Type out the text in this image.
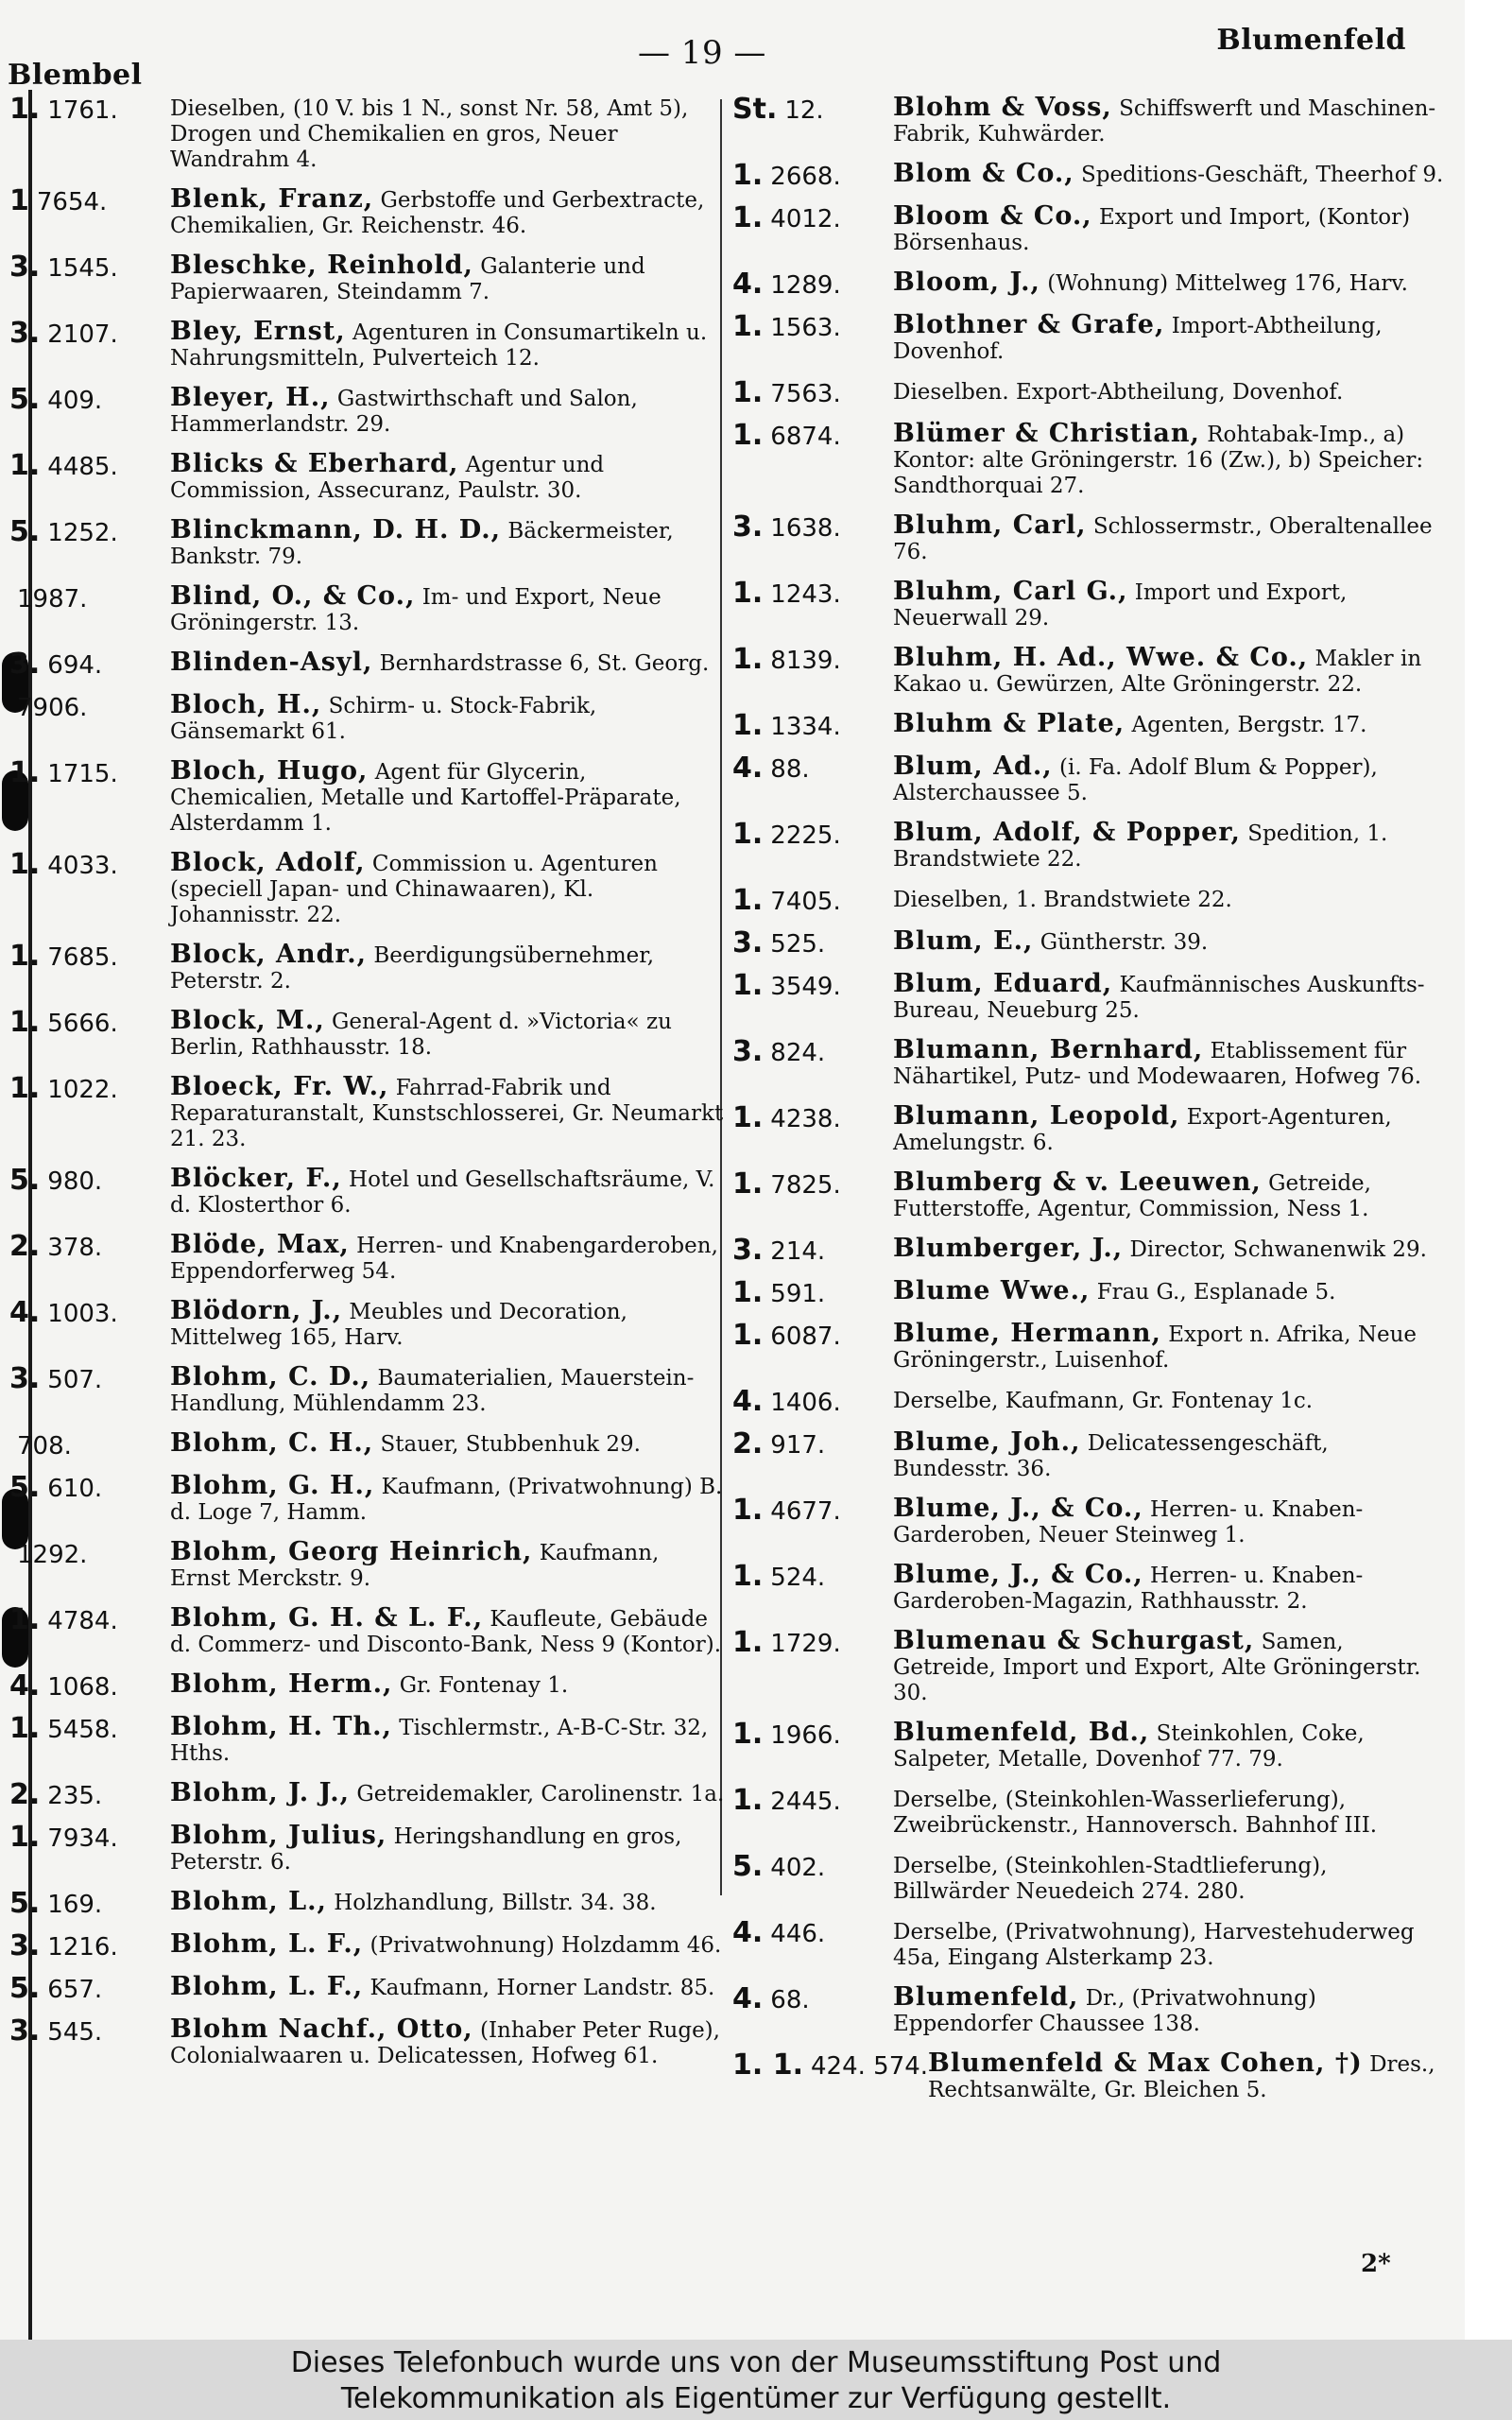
Blembel
— 19 —	Blumenfeld
1. 1761.	Dieselben, (10 V. bis 1 N., sonst Nr. 58, Amt 5), Drogen und Chemikalien en gros, Neuer Wandrahm 4.
1 7654.	Blenk, Franz, Gerbstoffe und Gerbextracte, Chemikalien, Gr. Reichenstr. 46.
3. 1545.	Bleschke, Reinhold, Galanterie und Papierwaaren, Steindamm 7.
3. 2107.	Bley, Ernst, Agenturen in Consumartikeln u. Nahrungsmitteln, Pulverteich 12.
5. 409.	Bleyer, H., Gastwirthschaft und Salon, Hammerlandstr. 29.
1. 4485.	Blicks & Eberhard, Agentur und Commission, Assecuranz, Paulstr. 30.
5. 1252.	Blinckmann, D. H. D., Bäckermeister, Bankstr. 79.
1987.	Blind, O., & Co., Im- und Export, Neue Gröningerstr. 13.
3. 694.	Blinden-Asyl, Bernhardstrasse 6, St. Georg.
7906.	Bloch, H., Schirm- u. Stock-Fabrik, Gänsemarkt 61.
1. 1715.	Bloch, Hugo, Agent für Glycerin, Chemicalien, Metalle und Kartoffel-Präparate, Alsterdamm 1.
1. 4033.	Block, Adolf, Commission u. Agenturen (speciell Japan- und Chinawaaren), Kl. Johannisstr. 22.
1. 7685.	Block, Andr., Beerdigungsübernehmer, Peterstr. 2.
1. 5666.	Block, M., General-Agent d. »Victoria« zu Berlin, Rathhausstr. 18.
1. 1022.	Bloeck, Fr. W., Fahrrad-Fabrik und Reparaturanstalt, Kunstschlosserei, Gr. Neumarkt 21. 23.
5. 980.	Blöcker, F., Hotel und Gesellschaftsräume, V. d. Klosterthor 6.
2. 378.	Blöde, Max, Herren- und Knabengarderoben, Eppendorferweg 54.
4. 1003.	Blödorn, J., Meubles und Decoration, Mittelweg 165, Harv.
3. 507.	Blohm, C. D., Baumaterialien, Mauerstein-Handlung, Mühlendamm 23.
708.	Blohm, C. H., Stauer, Stubbenhuk 29.
5. 610.	Blohm, G. H., Kaufmann, (Privatwohnung) B. d. Loge 7, Hamm.
1292.	Blohm, Georg Heinrich, Kaufmann, Ernst Merckstr. 9.
1. 4784.	Blohm, G. H. & L. F., Kaufleute, Gebäude d. Commerz- und Disconto-Bank, Ness 9 (Kontor).
4. 1068.	Blohm, Herm., Gr. Fontenay 1.
1. 5458.	Blohm, H. Th., Tischlermstr., A-B-C-Str. 32, Hths.
2. 235.	Blohm, J. J., Getreidemakler, Carolinenstr. 1a.
1. 7934.	Blohm, Julius, Heringshandlung en gros, Peterstr. 6.
5. 169.	Blohm, L., Holzhandlung, Billstr. 34. 38.
3. 1216.	Blohm, L. F., (Privatwohnung) Holzdamm 46.
5. 657.	Blohm, L. F., Kaufmann, Horner Landstr. 85.
3. 545.	Blohm Nachf., Otto, (Inhaber Peter Ruge), Colonialwaaren u. Delicatessen, Hofweg 61.
St. 12.	Blohm & Voss, Schiffswerft und Maschinen-Fabrik, Kuhwärder.
1. 2668.	Blom & Co., Speditions-Geschäft, Theerhof 9.
1. 4012.	Bloom & Co., Export und Import, (Kontor) Börsenhaus.
4. 1289.	Bloom, J., (Wohnung) Mittelweg 176, Harv.
1. 1563.	Blothner & Grafe, Import-Abtheilung, Dovenhof.
1. 7563.	Dieselben. Export-Abtheilung, Dovenhof.
1. 6874.	Blümer & Christian, Rohtabak-Imp., a) Kontor: alte Gröningerstr. 16 (Zw.), b) Speicher: Sandthorquai 27.
3. 1638.	Bluhm, Carl, Schlossermstr., Oberaltenallee 76.
1. 1243.	Bluhm, Carl G., Import und Export, Neuerwall 29.
1. 8139.	Bluhm, H. Ad., Wwe. & Co., Makler in Kakao u. Gewürzen, Alte Gröningerstr. 22.
1. 1334.	Bluhm & Plate, Agenten, Bergstr. 17.
4. 88.	Blum, Ad., (i. Fa. Adolf Blum & Popper), Alsterchaussee 5.
1. 2225.	Blum, Adolf, & Popper, Spedition, 1. Brandstwiete 22.
1. 7405.	Dieselben, 1. Brandstwiete 22.
3. 525.	Blum, E., Güntherstr. 39.
1. 3549.	Blum, Eduard, Kaufmännisches Auskunfts-Bureau, Neueburg 25.
3. 824.	Blumann, Bernhard, Etablissement für Nähartikel, Putz- und Modewaaren, Hofweg 76.
1. 4238.	Blumann, Leopold, Export-Agenturen, Amelungstr. 6.
1. 7825.	Blumberg & v. Leeuwen, Getreide, Futterstoffe, Agentur, Commission, Ness 1.
3. 214.	Blumberger, J., Director, Schwanenwik 29.
1. 591.	Blume Wwe., Frau G., Esplanade 5.
1. 6087.	Blume, Hermann, Export n. Afrika, Neue Gröningerstr., Luisenhof.
4. 1406.	Derselbe, Kaufmann, Gr. Fontenay 1c.
2. 917.	Blume, Joh., Delicatessengeschäft, Bundesstr. 36.
1. 4677.	Blume, J., & Co., Herren- u. Knaben-Garderoben, Neuer Steinweg 1.
1. 524.	Blume, J., & Co., Herren- u. Knaben-Garderoben-Magazin, Rathhausstr. 2.
1. 1729.	Blumenau & Schurgast, Samen, Getreide, Import und Export, Alte Gröningerstr. 30.
1. 1966.	Blumenfeld, Bd., Steinkohlen, Coke, Salpeter, Metalle, Dovenhof 77. 79.
1. 2445.	Derselbe, (Steinkohlen-Wasserlieferung), Zweibrückenstr., Hannoversch. Bahnhof III.
5. 402.	Derselbe, (Steinkohlen-Stadtlieferung), Billwärder Neuedeich 274. 280.
4. 446.	Derselbe, (Privatwohnung), Harvestehuderweg 45a, Eingang Alsterkamp 23.
4. 68.	Blumenfeld, Dr., (Privatwohnung) Eppendorfer Chaussee 138.
1. 1. 424. 574. Blumenfeld & Max Cohen, †) Dres., Rechtsanwälte, Gr. Bleichen 5.
2*
Dieses Telefonbuch wurde uns von der Museumsstiftung Post und
Telekommunikation als Eigentümer zur Verfügung gestellt.
